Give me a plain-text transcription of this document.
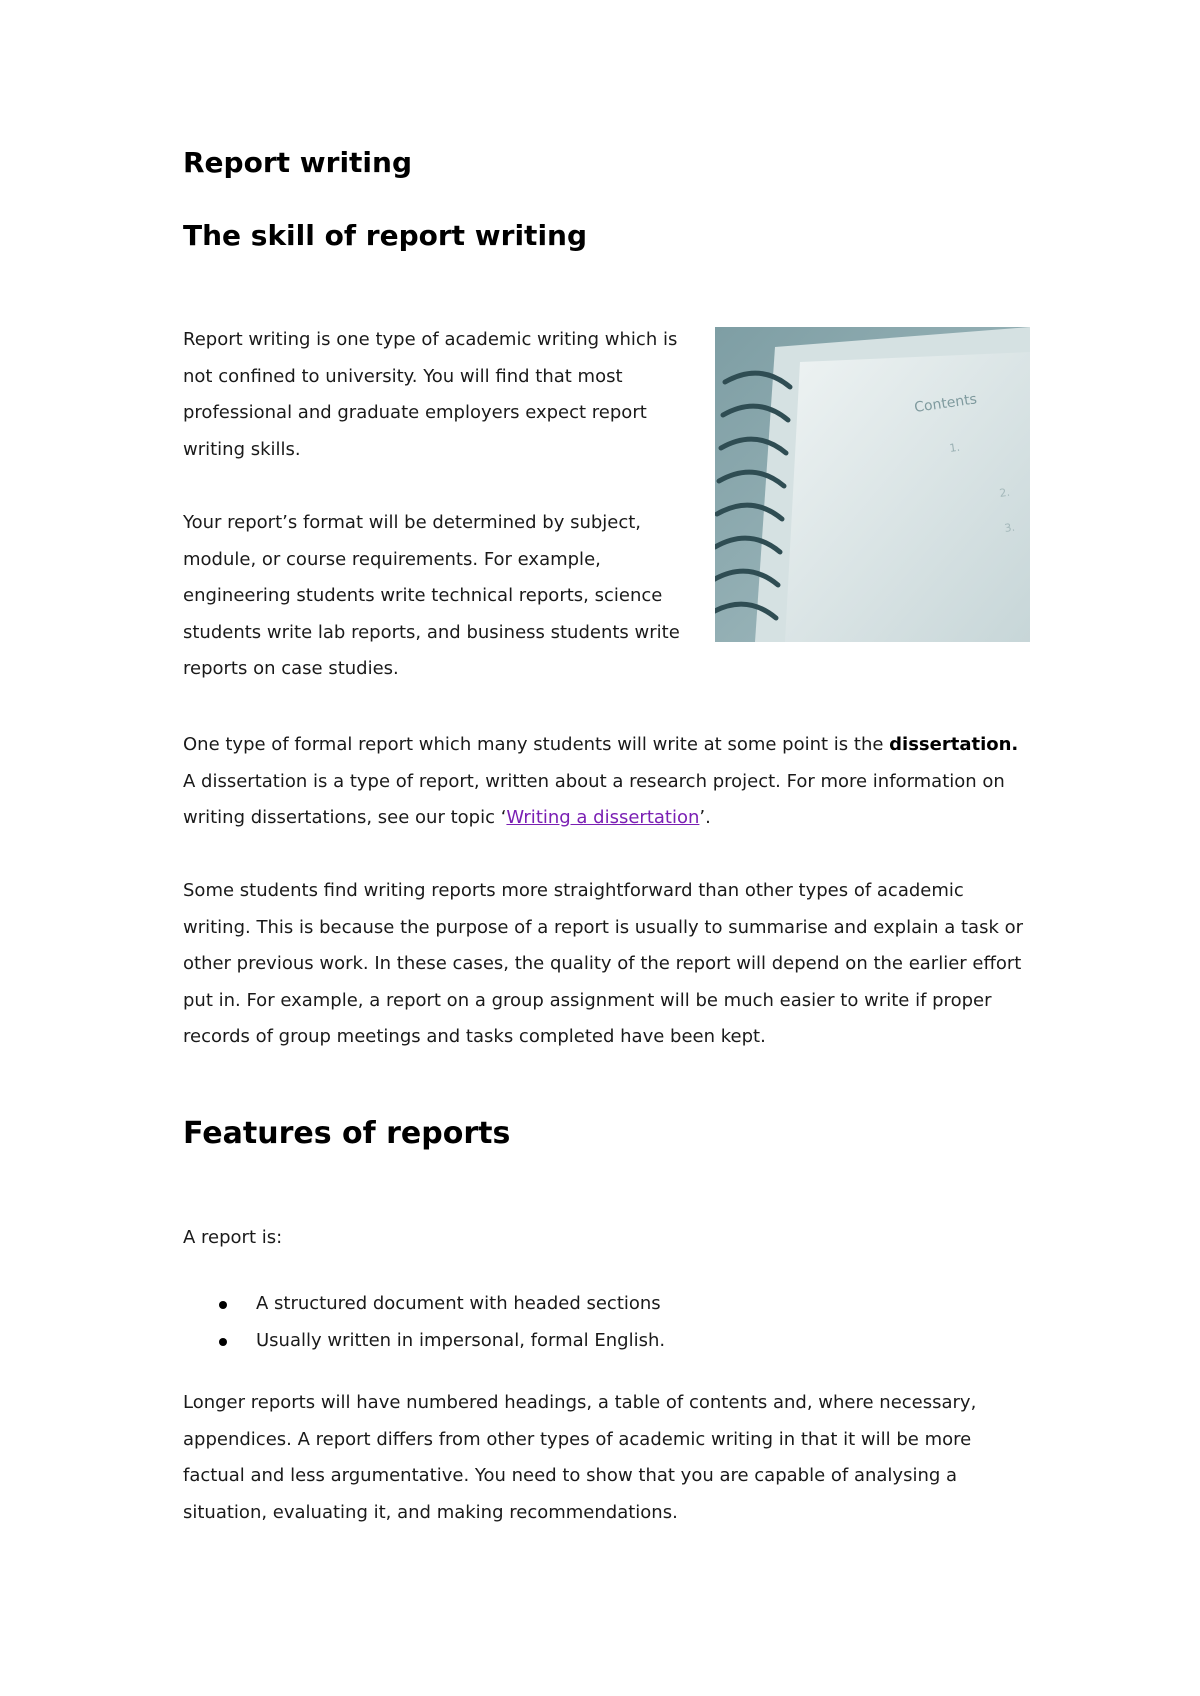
Report writing
The skill of report writing

Report writing is one type of academic writing which is not confined to university. You will find that most professional and graduate employers expect report writing skills.

Your report’s format will be determined by subject, module, or course requirements. For example, engineering students write technical reports, science students write lab reports, and business students write reports on case studies.

One type of formal report which many students will write at some point is the dissertation. A dissertation is a type of report, written about a research project. For more information on writing dissertations, see our topic ‘Writing a dissertation’.

Some students find writing reports more straightforward than other types of academic writing. This is because the purpose of a report is usually to summarise and explain a task or other previous work. In these cases, the quality of the report will depend on the earlier effort put in. For example, a report on a group assignment will be much easier to write if proper records of group meetings and tasks completed have been kept.

Features of reports

A report is:

A structured document with headed sections
Usually written in impersonal, formal English.

Longer reports will have numbered headings, a table of contents and, where necessary, appendices. A report differs from other types of academic writing in that it will be more factual and less argumentative. You need to show that you are capable of analysing a situation, evaluating it, and making recommendations.

Contents
1.
2.
3.
